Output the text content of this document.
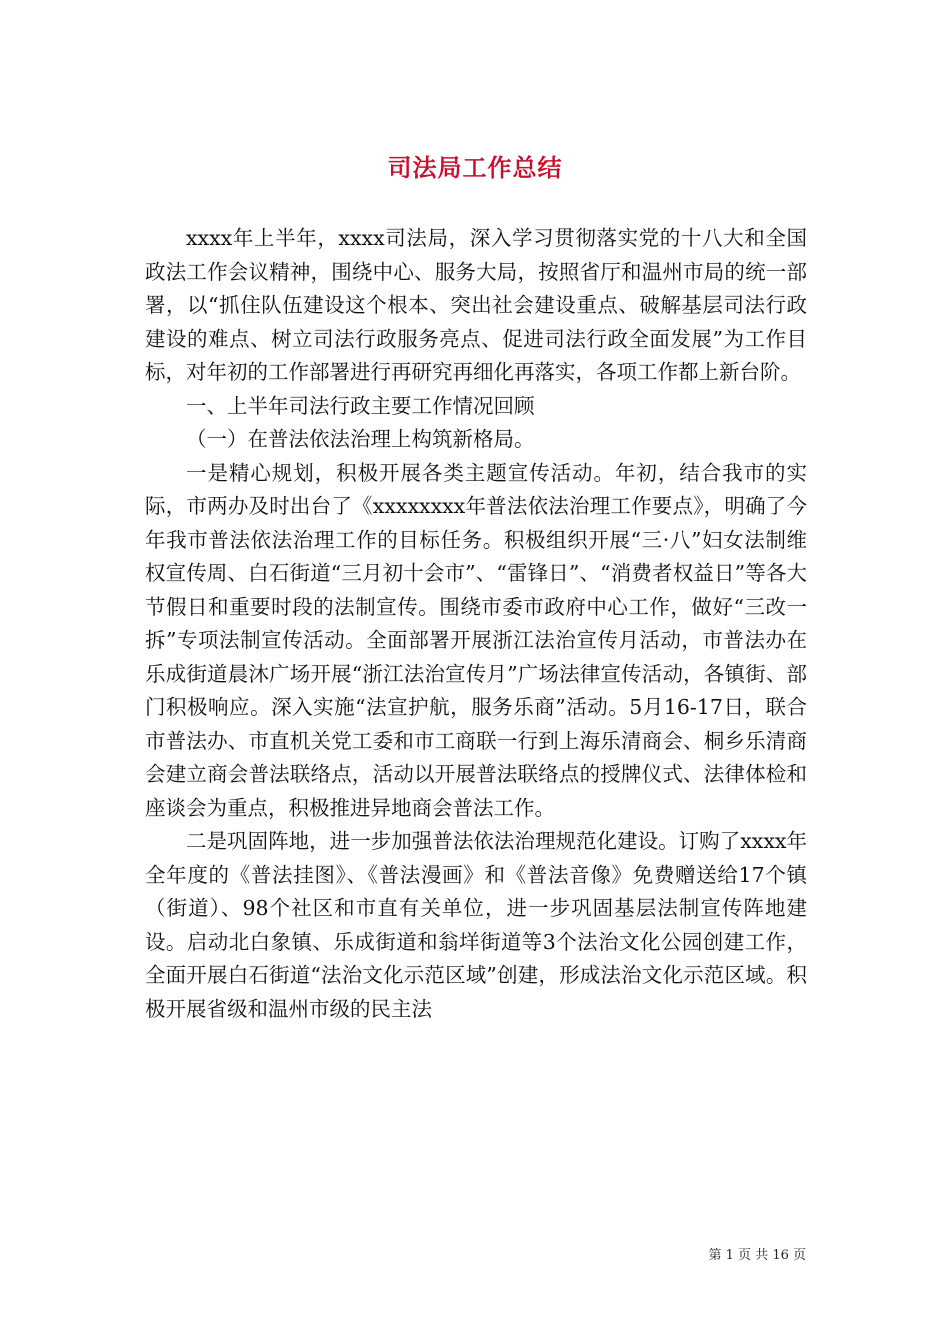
司法局工作总结

xxxx年上半年，xxxx司法局，深入学习贯彻落实党的十八大和全国政法工作会议精神，围绕中心、服务大局，按照省厅和温州市局的统一部署，以“抓住队伍建设这个根本、突出社会建设重点、破解基层司法行政建设的难点、树立司法行政服务亮点、促进司法行政全面发展”为工作目标，对年初的工作部署进行再研究再细化再落实，各项工作都上新台阶。

一、上半年司法行政主要工作情况回顾

（一）在普法依法治理上构筑新格局。

一是精心规划，积极开展各类主题宣传活动。年初，结合我市的实际，市两办及时出台了《xxxxxxxx年普法依法治理工作要点》，明确了今年我市普法依法治理工作的目标任务。积极组织开展“三·八”妇女法制维权宣传周、白石街道“三月初十会市”、“雷锋日”、“消费者权益日”等各大节假日和重要时段的法制宣传。围绕市委市政府中心工作，做好“三改一拆”专项法制宣传活动。全面部署开展浙江法治宣传月活动，市普法办在乐成街道晨沐广场开展“浙江法治宣传月”广场法律宣传活动，各镇街、部门积极响应。深入实施“法宣护航，服务乐商”活动。5月16-17日，联合市普法办、市直机关党工委和市工商联一行到上海乐清商会、桐乡乐清商会建立商会普法联络点，活动以开展普法联络点的授牌仪式、法律体检和座谈会为重点，积极推进异地商会普法工作。

二是巩固阵地，进一步加强普法依法治理规范化建设。订购了xxxx年全年度的《普法挂图》、《普法漫画》和《普法音像》免费赠送给17个镇（街道）、98个社区和市直有关单位，进一步巩固基层法制宣传阵地建设。启动北白象镇、乐成街道和翁垟街道等3个法治文化公园创建工作，全面开展白石街道“法治文化示范区域”创建，形成法治文化示范区域。积极开展省级和温州市级的民主法

第 1 页 共 16 页
